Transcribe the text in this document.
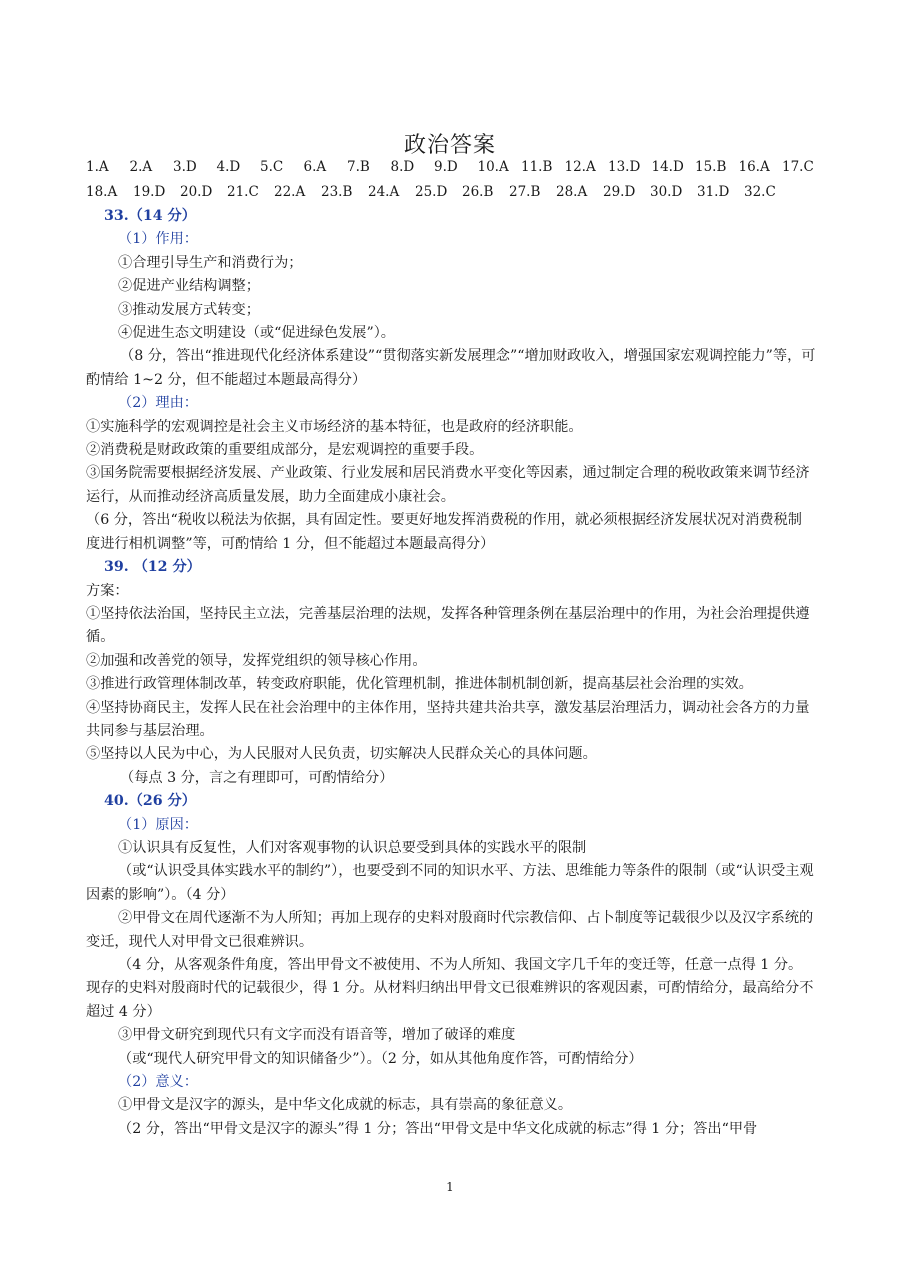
政治答案
1.A 2.A 3.D 4.D 5.C 6.A 7.B 8.D 9.D 10.A 11.B 12.A 13.D 14.D 15.B 16.A 17.C
18.A 19.D 20.D 21.C 22.A 23.B 24.A 25.D 26.B 27.B 28.A 29.D 30.D 31.D 32.C

33.（14 分）

（1）作用：

①合理引导生产和消费行为；

②促进产业结构调整；

③推动发展方式转变；

④促进生态文明建设（或“促进绿色发展”）。

（8 分，答出“推进现代化经济体系建设”“贯彻落实新发展理念”“增加财政收入，增强国家宏观调控能力”等，可酌情给 1~2 分，但不能超过本题最高得分）

（2）理由：

①实施科学的宏观调控是社会主义市场经济的基本特征，也是政府的经济职能。

②消费税是财政政策的重要组成部分，是宏观调控的重要手段。

③国务院需要根据经济发展、产业政策、行业发展和居民消费水平变化等因素，通过制定合理的税收政策来调节经济运行，从而推动经济高质量发展，助力全面建成小康社会。

（6 分，答出“税收以税法为依据，具有固定性。要更好地发挥消费税的作用，就必须根据经济发展状况对消费税制度进行相机调整”等，可酌情给 1 分，但不能超过本题最高得分）

39. （12 分）

方案：

①坚持依法治国，坚持民主立法，完善基层治理的法规，发挥各种管理条例在基层治理中的作用，为社会治理提供遵循。

②加强和改善党的领导，发挥党组织的领导核心作用。

③推进行政管理体制改革，转变政府职能，优化管理机制，推进体制机制创新，提高基层社会治理的实效。

④坚持协商民主，发挥人民在社会治理中的主体作用，坚持共建共治共享，激发基层治理活力，调动社会各方的力量共同参与基层治理。

⑤坚持以人民为中心，为人民服对人民负责，切实解决人民群众关心的具体问题。

（每点 3 分，言之有理即可，可酌情给分）

40.（26 分）

（1）原因：

①认识具有反复性，人们对客观事物的认识总要受到具体的实践水平的限制

（或“认识受具体实践水平的制约”），也要受到不同的知识水平、方法、思维能力等条件的限制（或“认识受主观因素的影响”）。（4 分）

②甲骨文在周代逐渐不为人所知；再加上现存的史料对殷商时代宗教信仰、占卜制度等记载很少以及汉字系统的变迁，现代人对甲骨文已很难辨识。

（4 分，从客观条件角度，答出甲骨文不被使用、不为人所知、我国文字几千年的变迁等，任意一点得 1 分。现存的史料对殷商时代的记载很少，得 1 分。从材料归纳出甲骨文已很难辨识的客观因素，可酌情给分，最高给分不超过 4 分）

③甲骨文研究到现代只有文字而没有语音等，增加了破译的难度

（或“现代人研究甲骨文的知识储备少”）。（2 分，如从其他角度作答，可酌情给分）

（2）意义：

①甲骨文是汉字的源头，是中华文化成就的标志，具有崇高的象征意义。

（2 分，答出“甲骨文是汉字的源头”得 1 分；答出“甲骨文是中华文化成就的标志”得 1 分；答出“甲骨

1
